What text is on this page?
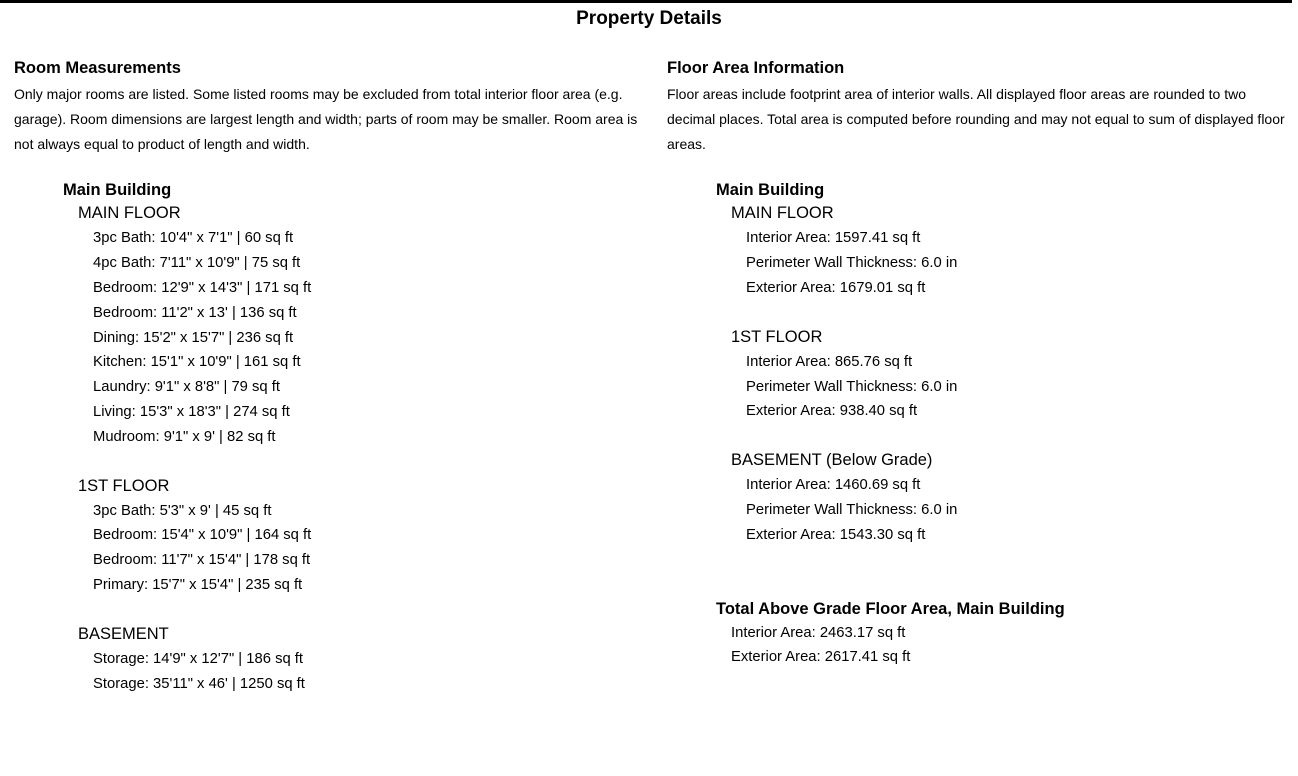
Property Details
Room Measurements

Only major rooms are listed. Some listed rooms may be excluded from total interior floor area (e.g. garage). Room dimensions are largest length and width; parts of room may be smaller. Room area is not always equal to product of length and width.

Main Building
MAIN FLOOR
3pc Bath: 10'4" x 7'1" | 60 sq ft
4pc Bath: 7'11" x 10'9" | 75 sq ft
Bedroom: 12'9" x 14'3" | 171 sq ft
Bedroom: 11'2" x 13' | 136 sq ft
Dining: 15'2" x 15'7" | 236 sq ft
Kitchen: 15'1" x 10'9" | 161 sq ft
Laundry: 9'1" x 8'8" | 79 sq ft
Living: 15'3" x 18'3" | 274 sq ft
Mudroom: 9'1" x 9' | 82 sq ft
1ST FLOOR
3pc Bath: 5'3" x 9' | 45 sq ft
Bedroom: 15'4" x 10'9" | 164 sq ft
Bedroom: 11'7" x 15'4" | 178 sq ft
Primary: 15'7" x 15'4" | 235 sq ft
BASEMENT
Storage: 14'9" x 12'7" | 186 sq ft
Storage: 35'11" x 46' | 1250 sq ft
Floor Area Information

Floor areas include footprint area of interior walls. All displayed floor areas are rounded to two decimal places. Total area is computed before rounding and may not equal to sum of displayed floor areas.

Main Building
MAIN FLOOR
Interior Area: 1597.41 sq ft
Perimeter Wall Thickness: 6.0 in
Exterior Area: 1679.01 sq ft
1ST FLOOR
Interior Area: 865.76 sq ft
Perimeter Wall Thickness: 6.0 in
Exterior Area: 938.40 sq ft
BASEMENT (Below Grade)
Interior Area: 1460.69 sq ft
Perimeter Wall Thickness: 6.0 in
Exterior Area: 1543.30 sq ft
Total Above Grade Floor Area, Main Building
Interior Area: 2463.17 sq ft
Exterior Area: 2617.41 sq ft
